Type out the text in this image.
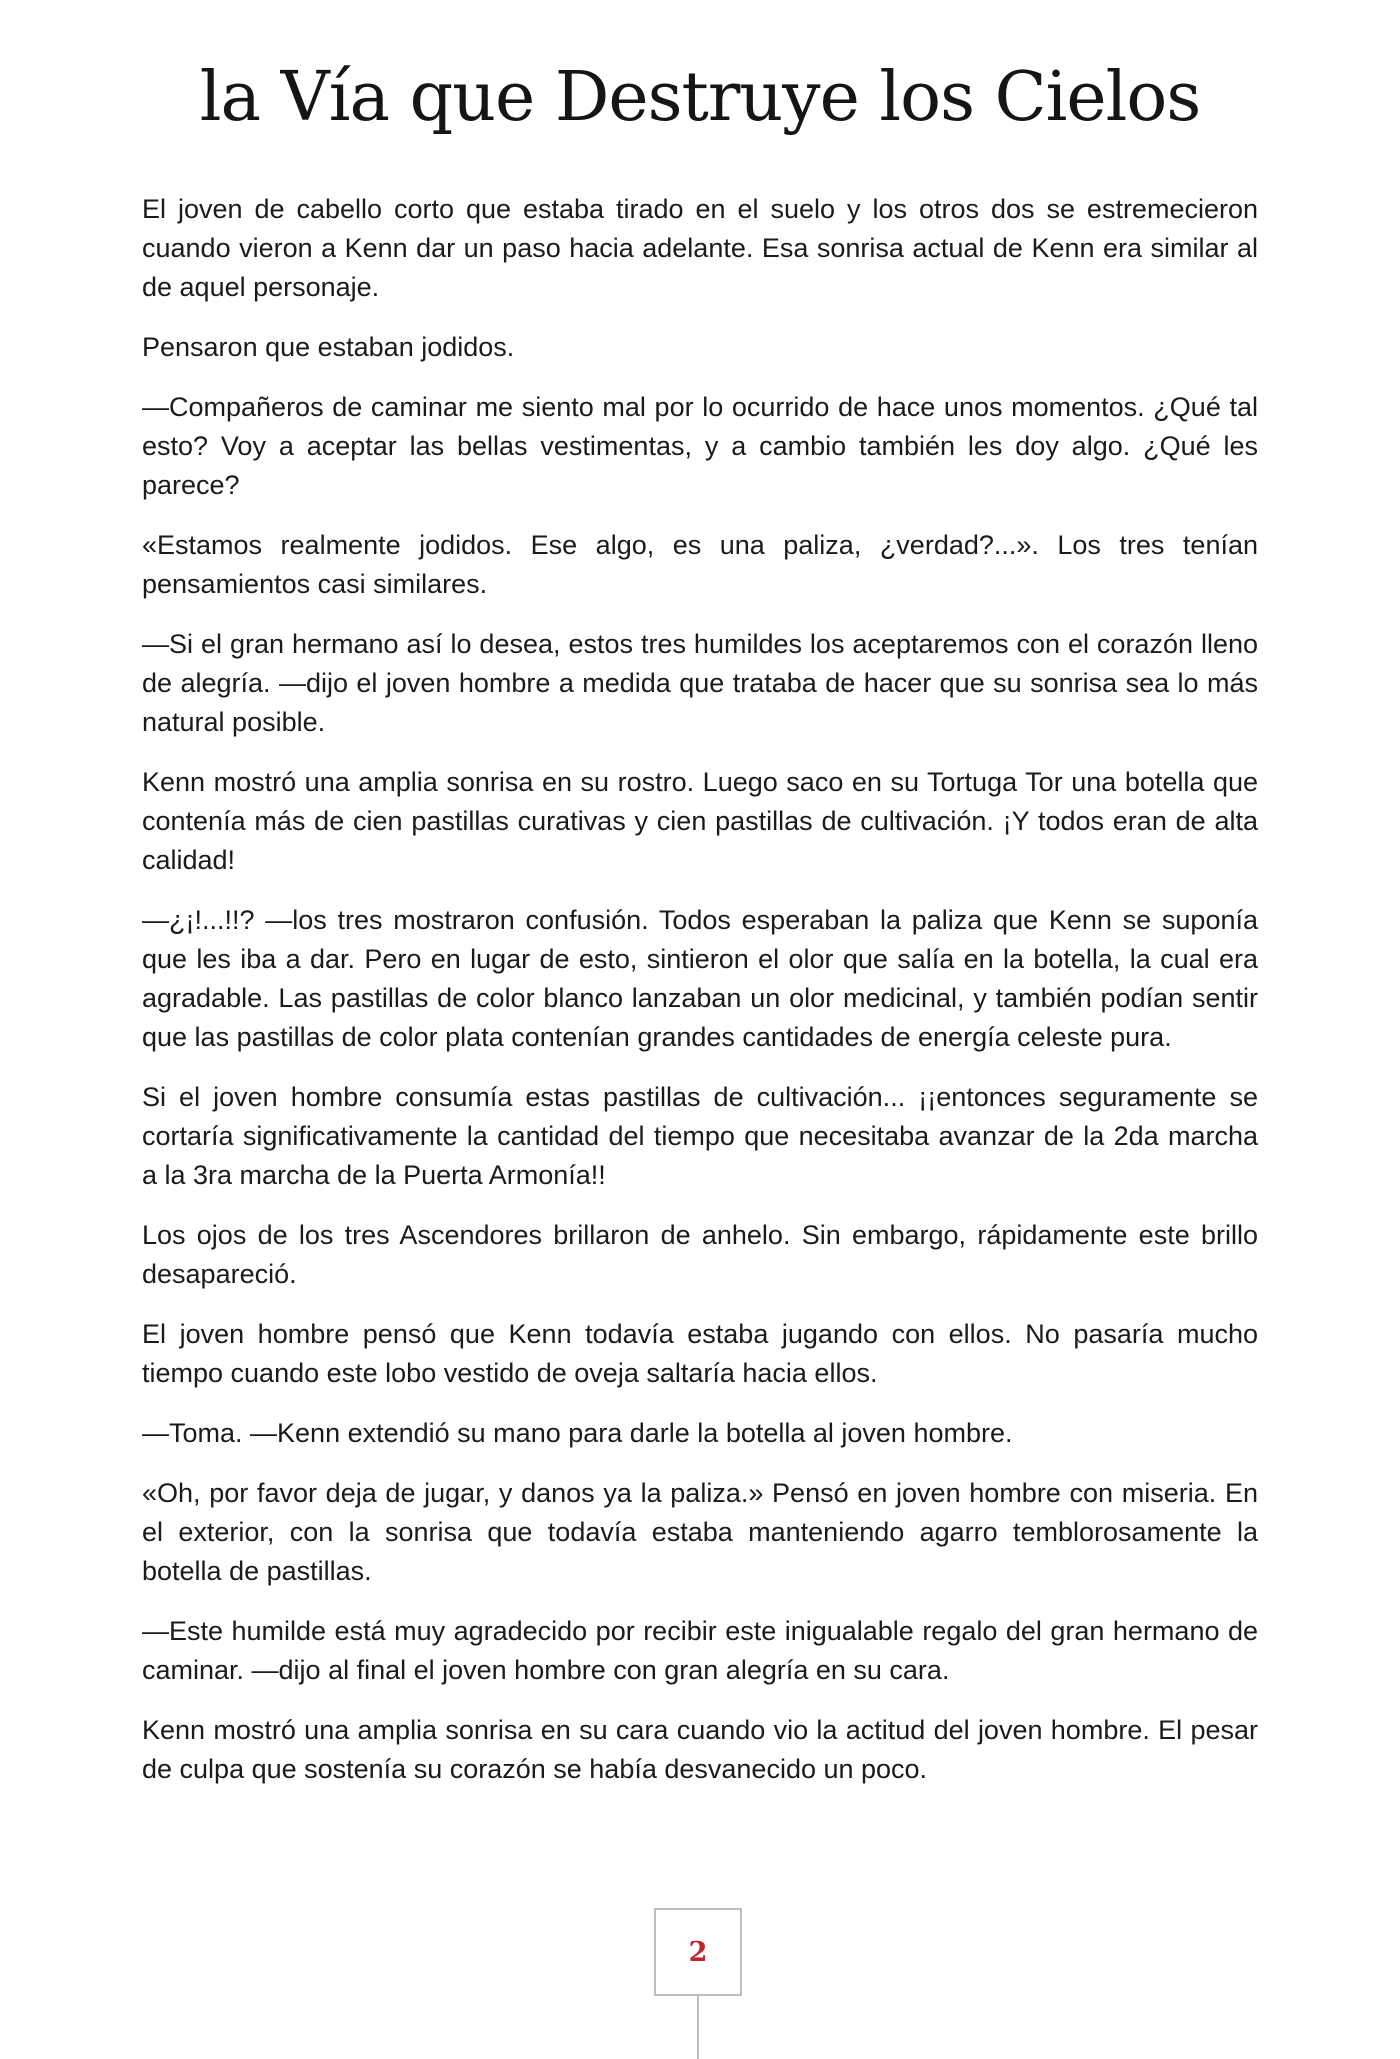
la Vía que Destruye los Cielos

El joven de cabello corto que estaba tirado en el suelo y los otros dos se estremecieron cuando vieron a Kenn dar un paso hacia adelante. Esa sonrisa actual de Kenn era similar al de aquel personaje.

Pensaron que estaban jodidos.

—Compañeros de caminar me siento mal por lo ocurrido de hace unos momentos. ¿Qué tal esto? Voy a aceptar las bellas vestimentas, y a cambio también les doy algo. ¿Qué les parece?

«Estamos realmente jodidos. Ese algo, es una paliza, ¿verdad?...». Los tres tenían pensamientos casi similares.

—Si el gran hermano así lo desea, estos tres humildes los aceptaremos con el corazón lleno de alegría. —dijo el joven hombre a medida que trataba de hacer que su sonrisa sea lo más natural posible.

Kenn mostró una amplia sonrisa en su rostro. Luego saco en su Tortuga Tor una botella que contenía más de cien pastillas curativas y cien pastillas de cultivación. ¡Y todos eran de alta calidad!

—¿¡!...!!? —los tres mostraron confusión. Todos esperaban la paliza que Kenn se suponía que les iba a dar. Pero en lugar de esto, sintieron el olor que salía en la botella, la cual era agradable. Las pastillas de color blanco lanzaban un olor medicinal, y también podían sentir que las pastillas de color plata contenían grandes cantidades de energía celeste pura.

Si el joven hombre consumía estas pastillas de cultivación... ¡¡entonces seguramente se cortaría significativamente la cantidad del tiempo que necesitaba avanzar de la 2da marcha a la 3ra marcha de la Puerta Armonía!!

Los ojos de los tres Ascendores brillaron de anhelo. Sin embargo, rápidamente este brillo desapareció.

El joven hombre pensó que Kenn todavía estaba jugando con ellos. No pasaría mucho tiempo cuando este lobo vestido de oveja saltaría hacia ellos.

—Toma. —Kenn extendió su mano para darle la botella al joven hombre.

«Oh, por favor deja de jugar, y danos ya la paliza.» Pensó en joven hombre con miseria. En el exterior, con la sonrisa que todavía estaba manteniendo agarro temblorosamente la botella de pastillas.

—Este humilde está muy agradecido por recibir este inigualable regalo del gran hermano de caminar. —dijo al final el joven hombre con gran alegría en su cara.

Kenn mostró una amplia sonrisa en su cara cuando vio la actitud del joven hombre. El pesar de culpa que sostenía su corazón se había desvanecido un poco.

2
